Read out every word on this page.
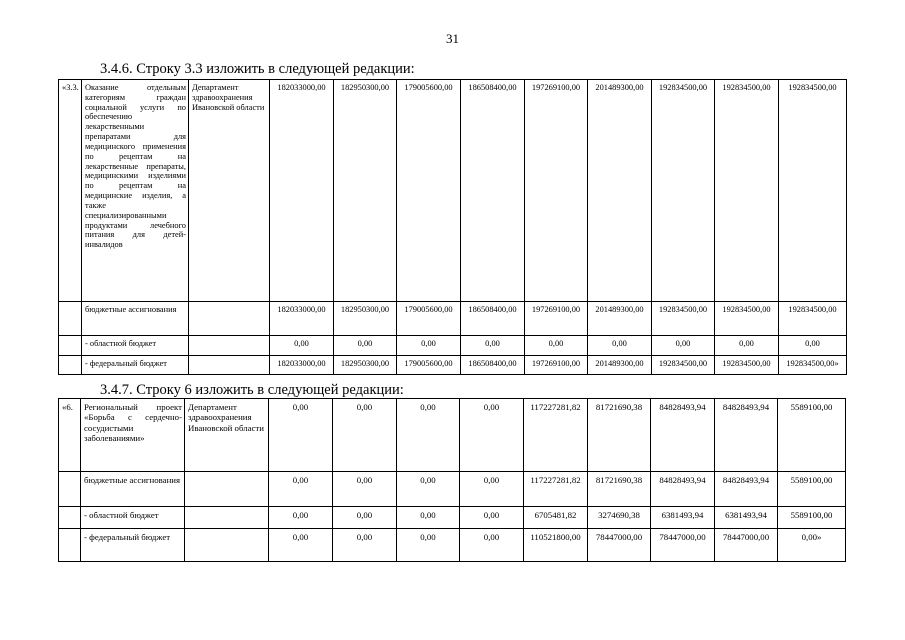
31
3.4.6. Строку 3.3 изложить в следующей редакции:
«3.3.	Оказание отдельным категориям граждан социальной услуги по обеспечению лекарственными препаратами для медицинского применения по рецептам на лекарственные препараты, медицинскими изделиями по рецептам на медицинские изделия, а также специализированными продуктами лечебного питания для детей-инвалидов	Департамент здравоохранения Ивановской области	182033000,00	182950300,00	179005600,00	186508400,00	197269100,00	201489300,00	192834500,00	192834500,00	192834500,00
	бюджетные ассигнования		182033000,00	182950300,00	179005600,00	186508400,00	197269100,00	201489300,00	192834500,00	192834500,00	192834500,00
	- областной бюджет		0,00	0,00	0,00	0,00	0,00	0,00	0,00	0,00	0,00
	- федеральный бюджет		182033000,00	182950300,00	179005600,00	186508400,00	197269100,00	201489300,00	192834500,00	192834500,00	192834500,00»
3.4.7. Строку 6 изложить в следующей редакции:
«6.	Региональный проект «Борьба с сердечно-сосудистыми заболеваниями»	Департамент здравоохранения Ивановской области	0,00	0,00	0,00	0,00	117227281,82	81721690,38	84828493,94	84828493,94	5589100,00
	бюджетные ассигнования		0,00	0,00	0,00	0,00	117227281,82	81721690,38	84828493,94	84828493,94	5589100,00
	- областной бюджет		0,00	0,00	0,00	0,00	6705481,82	3274690,38	6381493,94	6381493,94	5589100,00
	- федеральный бюджет		0,00	0,00	0,00	0,00	110521800,00	78447000,00	78447000,00	78447000,00	0,00»
